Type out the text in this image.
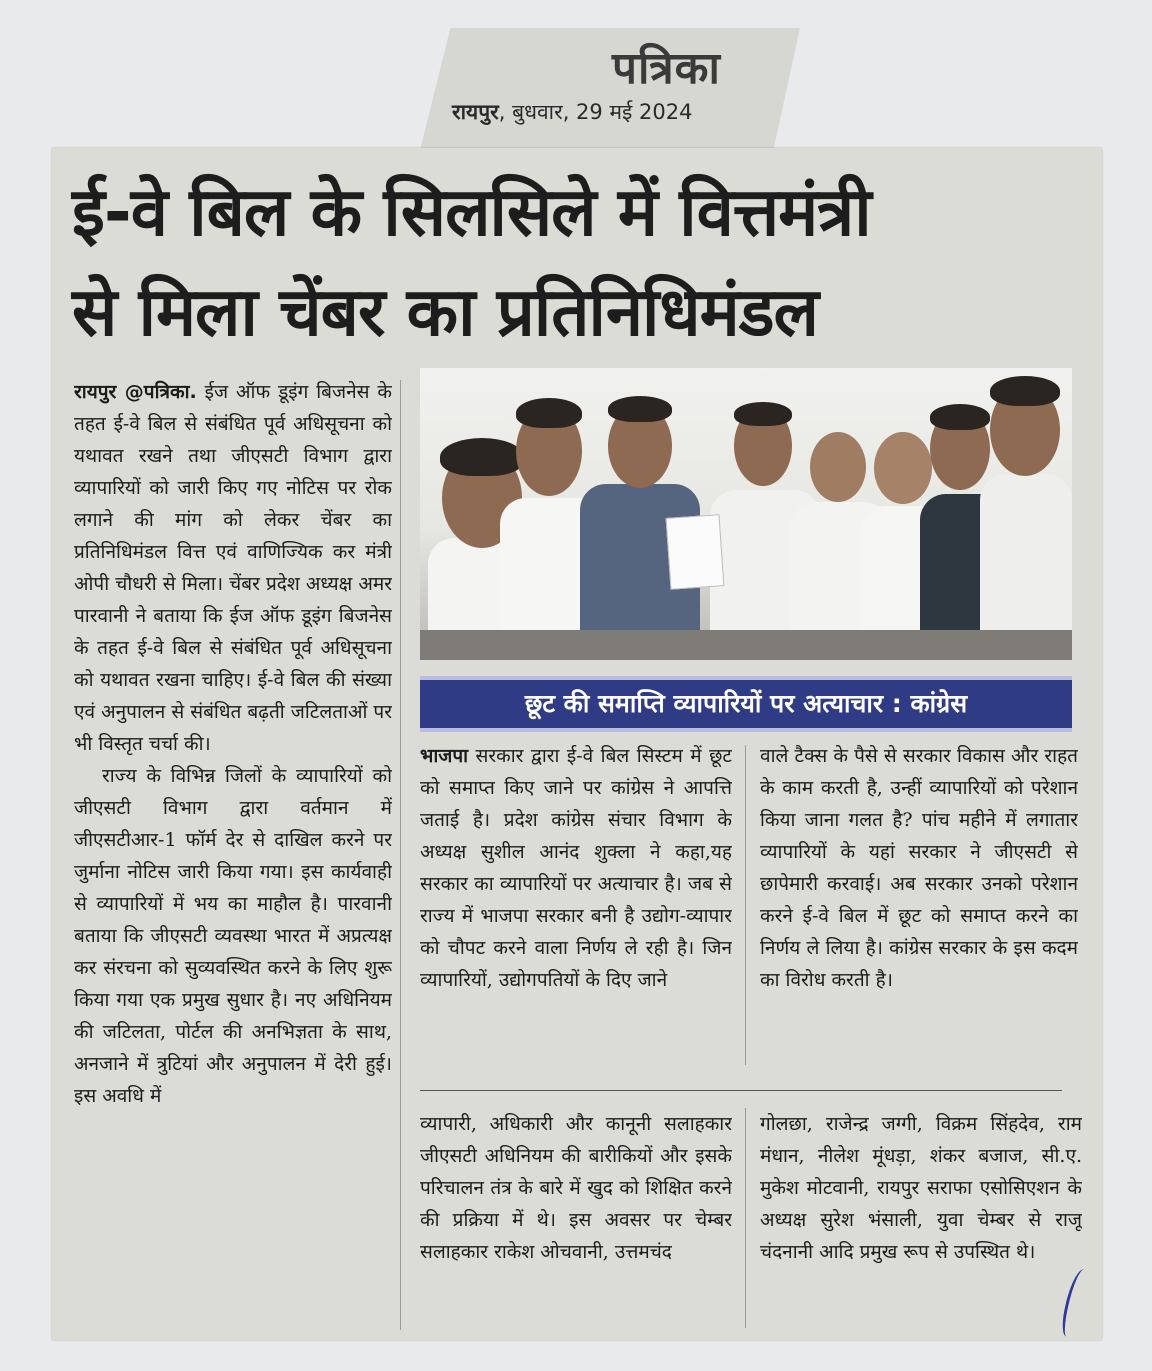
पत्रिका
रायपुर, बुधवार, 29 मई 2024
ई-वे बिल के सिलसिले में वित्तमंत्री
से मिला चेंबर का प्रतिनिधिमंडल

रायपुर @पत्रिका. ईज ऑफ डूइंग बिजनेस के तहत ई-वे बिल से संबंधित पूर्व अधिसूचना को यथावत रखने तथा जीएसटी विभाग द्वारा व्यापारियों को जारी किए गए नोटिस पर रोक लगाने की मांग को लेकर चेंबर का प्रतिनिधिमंडल वित्त एवं वाणिज्यिक कर मंत्री ओपी चौधरी से मिला। चेंबर प्रदेश अध्यक्ष अमर पारवानी ने बताया कि ईज ऑफ डूइंग बिजनेस के तहत ई-वे बिल से संबंधित पूर्व अधिसूचना को यथावत रखना चाहिए। ई-वे बिल की संख्या एवं अनुपालन से संबंधित बढ़ती जटिलताओं पर भी विस्तृत चर्चा की।

राज्य के विभिन्न जिलों के व्यापारियों को जीएसटी विभाग द्वारा वर्तमान में जीएसटीआर-1 फॉर्म देर से दाखिल करने पर जुर्माना नोटिस जारी किया गया। इस कार्यवाही से व्यापारियों में भय का माहौल है। पारवानी बताया कि जीएसटी व्यवस्था भारत में अप्रत्यक्ष कर संरचना को सुव्यवस्थित करने के लिए शुरू किया गया एक प्रमुख सुधार है। नए अधिनियम की जटिलता, पोर्टल की अनभिज्ञता के साथ, अनजाने में त्रुटियां और अनुपालन में देरी हुई। इस अवधि में

छूट की समाप्ति व्यापारियों पर अत्याचार : कांग्रेस

भाजपा सरकार द्वारा ई-वे बिल सिस्टम में छूट को समाप्त किए जाने पर कांग्रेस ने आपत्ति जताई है। प्रदेश कांग्रेस संचार विभाग के अध्यक्ष सुशील आनंद शुक्ला ने कहा,यह सरकार का व्यापारियों पर अत्याचार है। जब से राज्य में भाजपा सरकार बनी है उद्योग-व्यापार को चौपट करने वाला निर्णय ले रही है। जिन व्यापारियों, उद्योगपतियों के दिए जाने

वाले टैक्स के पैसे से सरकार विकास और राहत के काम करती है, उन्हीं व्यापारियों को परेशान किया जाना गलत है? पांच महीने में लगातार व्यापारियों के यहां सरकार ने जीएसटी से छापेमारी करवाई। अब सरकार उनको परेशान करने ई-वे बिल में छूट को समाप्त करने का निर्णय ले लिया है। कांग्रेस सरकार के इस कदम का विरोध करती है।

व्यापारी, अधिकारी और कानूनी सलाहकार जीएसटी अधिनियम की बारीकियों और इसके परिचालन तंत्र के बारे में खुद को शिक्षित करने की प्रक्रिया में थे। इस अवसर पर चेम्बर सलाहकार राकेश ओचवानी, उत्तमचंद

गोलछा, राजेन्द्र जग्गी, विक्रम सिंहदेव, राम मंधान, नीलेश मूंधड़ा, शंकर बजाज, सी.ए. मुकेश मोटवानी, रायपुर सराफा एसोसिएशन के अध्यक्ष सुरेश भंसाली, युवा चेम्बर से राजू चंदनानी आदि प्रमुख रूप से उपस्थित थे।
